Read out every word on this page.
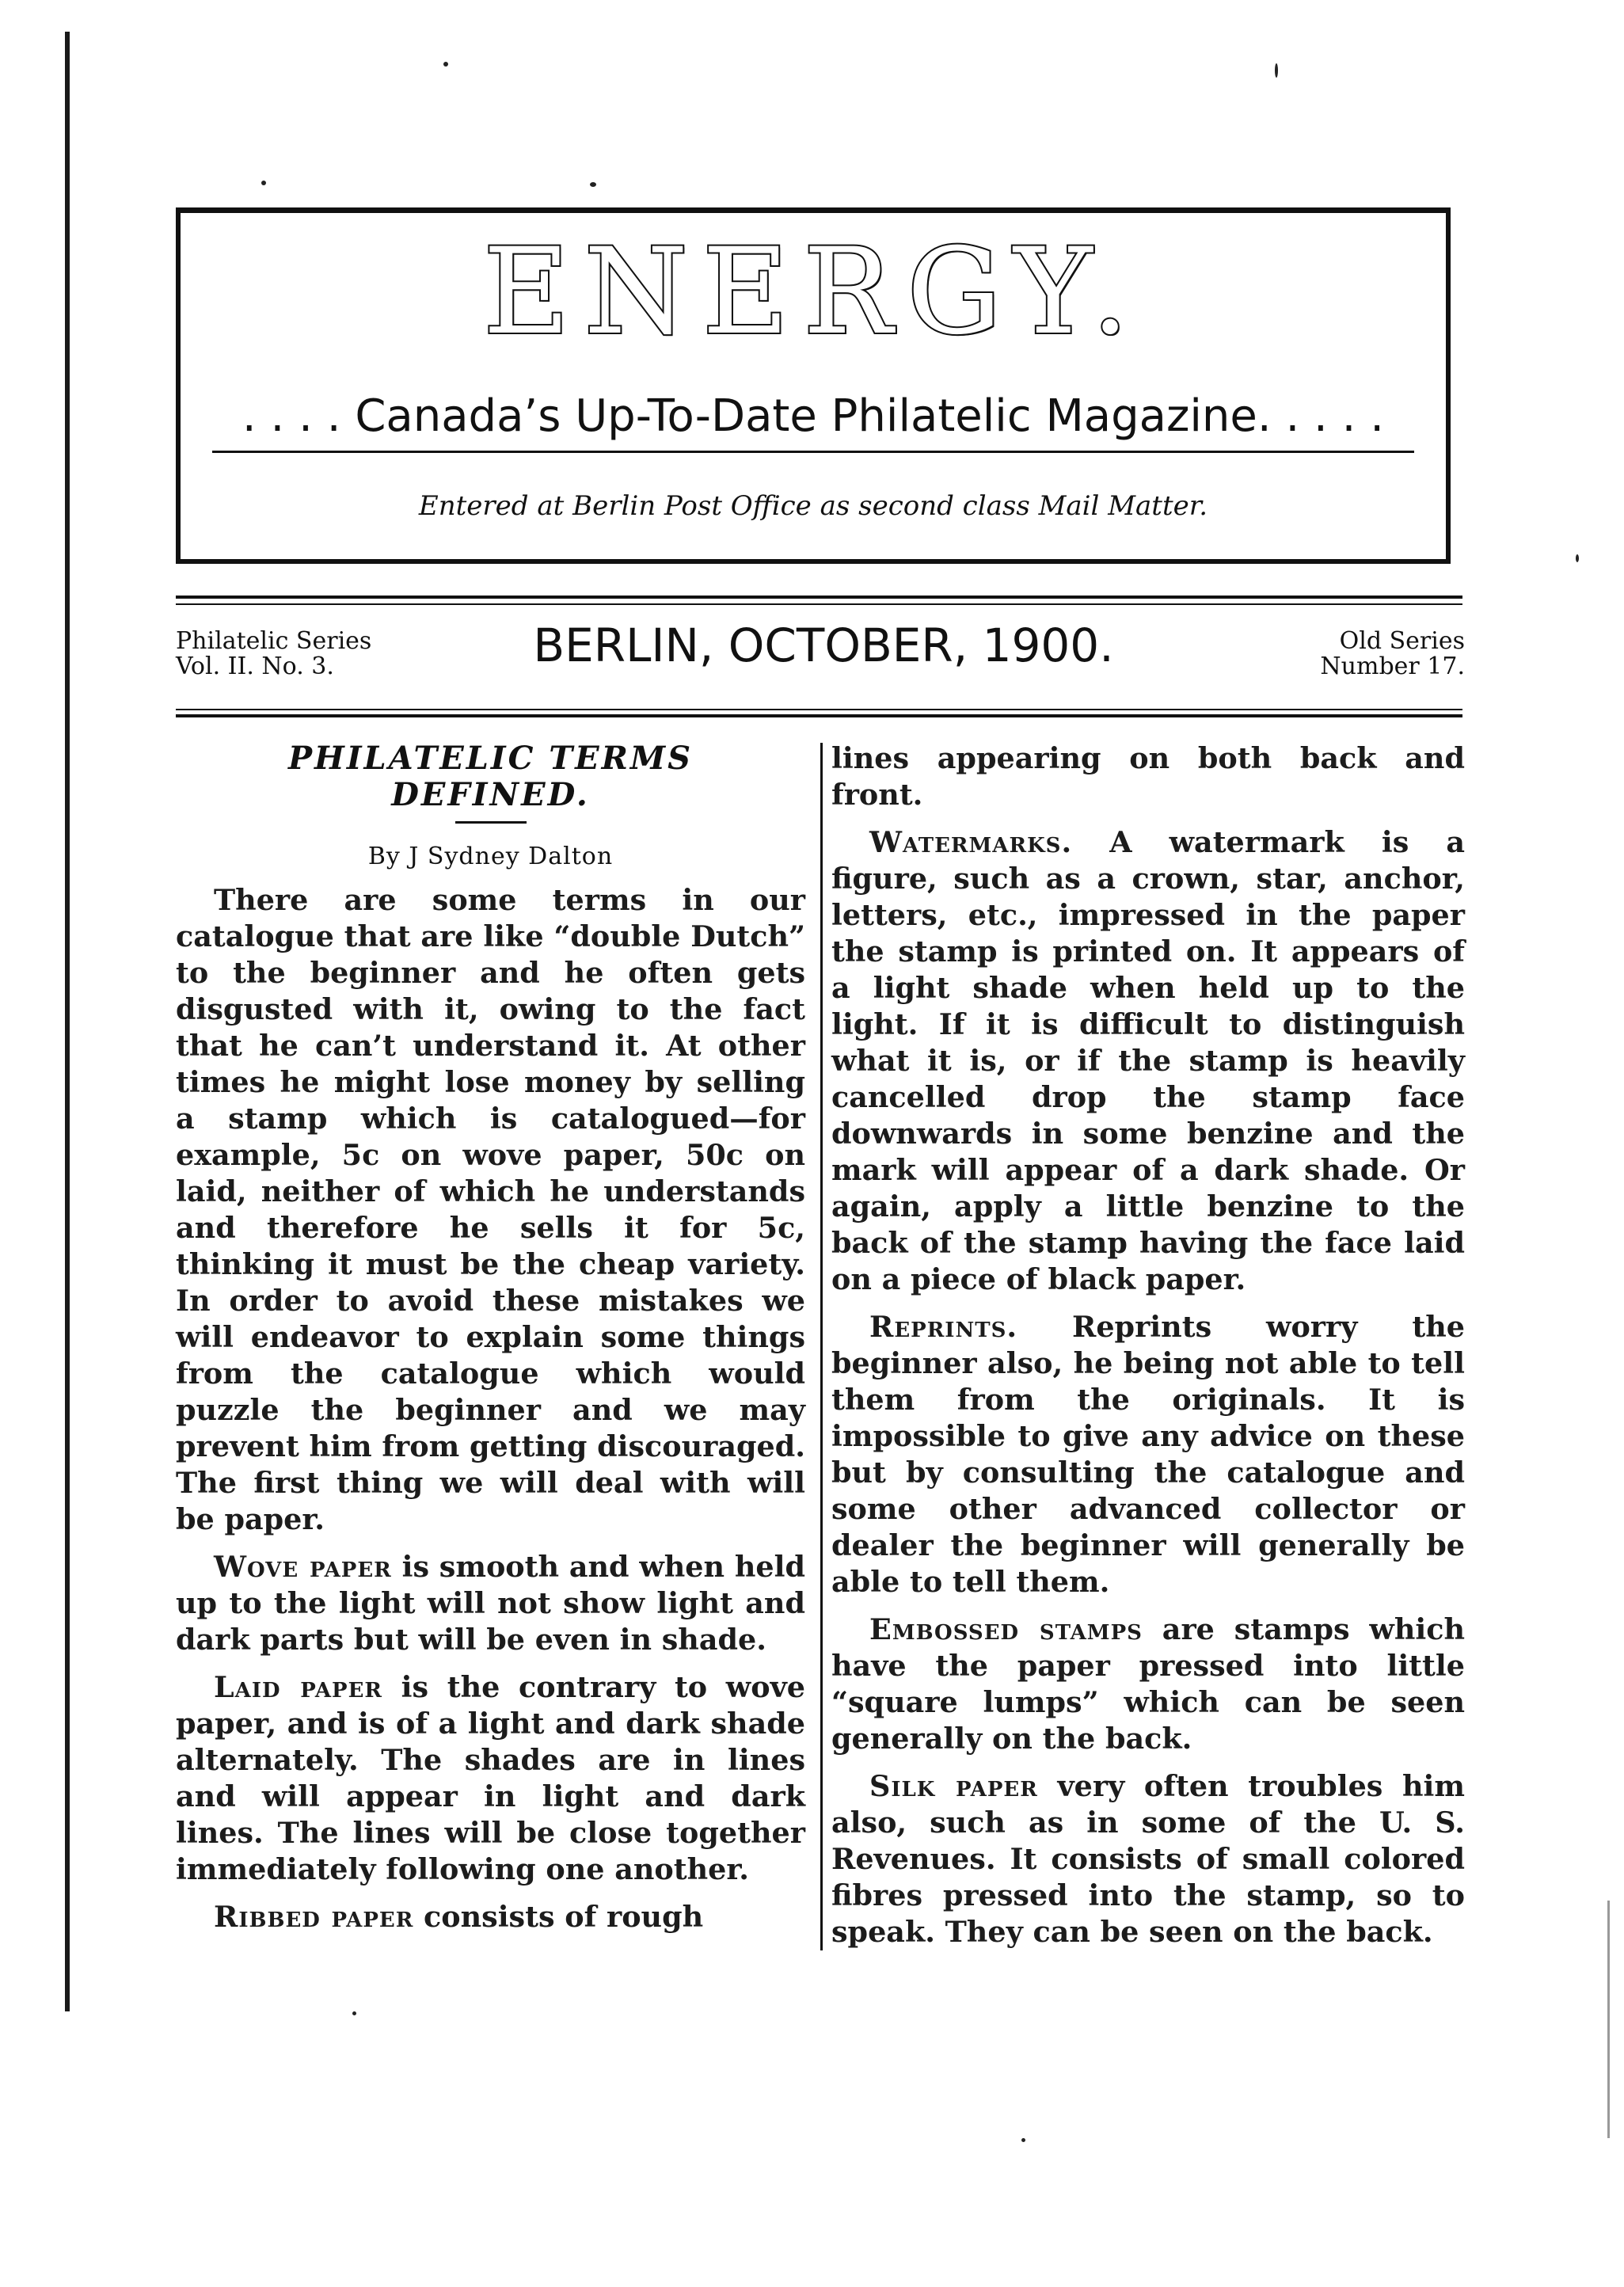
ENERGY.
. . . . Canada’s Up-To-Date Philatelic Magazine. . . . .
Entered at Berlin Post Office as second class Mail Matter.
Philatelic Series
Vol. II. No. 3.	BERLIN, OCTOBER, 1900.	Old Series
Number 17.
PHILATELIC TERMS
DEFINED.
By J Sydney Dalton

There are some terms in our catalogue that are like “double Dutch” to the beginner and he often gets disgusted with it, owing to the fact that he can’t understand it. At other times he might lose money by selling a stamp which is catalogued—for example, 5c on wove paper, 50c on laid, neither of which he understands and therefore he sells it for 5c, thinking it must be the cheap variety. In order to avoid these mistakes we will endeavor to explain some things from the catalogue which would puzzle the beginner and we may prevent him from getting discouraged. The first thing we will deal with will be paper.

Wove paper is smooth and when held up to the light will not show light and dark parts but will be even in shade.

Laid paper is the contrary to wove paper, and is of a light and dark shade alternately. The shades are in lines and will appear in light and dark lines. The lines will be close together immediately following one another.

Ribbed paper consists of rough

lines appearing on both back and front.

Watermarks. A watermark is a figure, such as a crown, star, anchor, letters, etc., impressed in the paper the stamp is printed on. It appears of a light shade when held up to the light. If it is difficult to distinguish what it is, or if the stamp is heavily cancelled drop the stamp face downwards in some benzine and the mark will appear of a dark shade. Or again, apply a little benzine to the back of the stamp having the face laid on a piece of black paper.

Reprints. Reprints worry the beginner also, he being not able to tell them from the originals. It is impossible to give any advice on these but by consulting the catalogue and some other advanced collector or dealer the beginner will generally be able to tell them.

Embossed stamps are stamps which have the paper pressed into little “square lumps” which can be seen generally on the back.

Silk paper very often troubles him also, such as in some of the U. S. Revenues. It consists of small colored fibres pressed into the stamp, so to speak. They can be seen on the back.
